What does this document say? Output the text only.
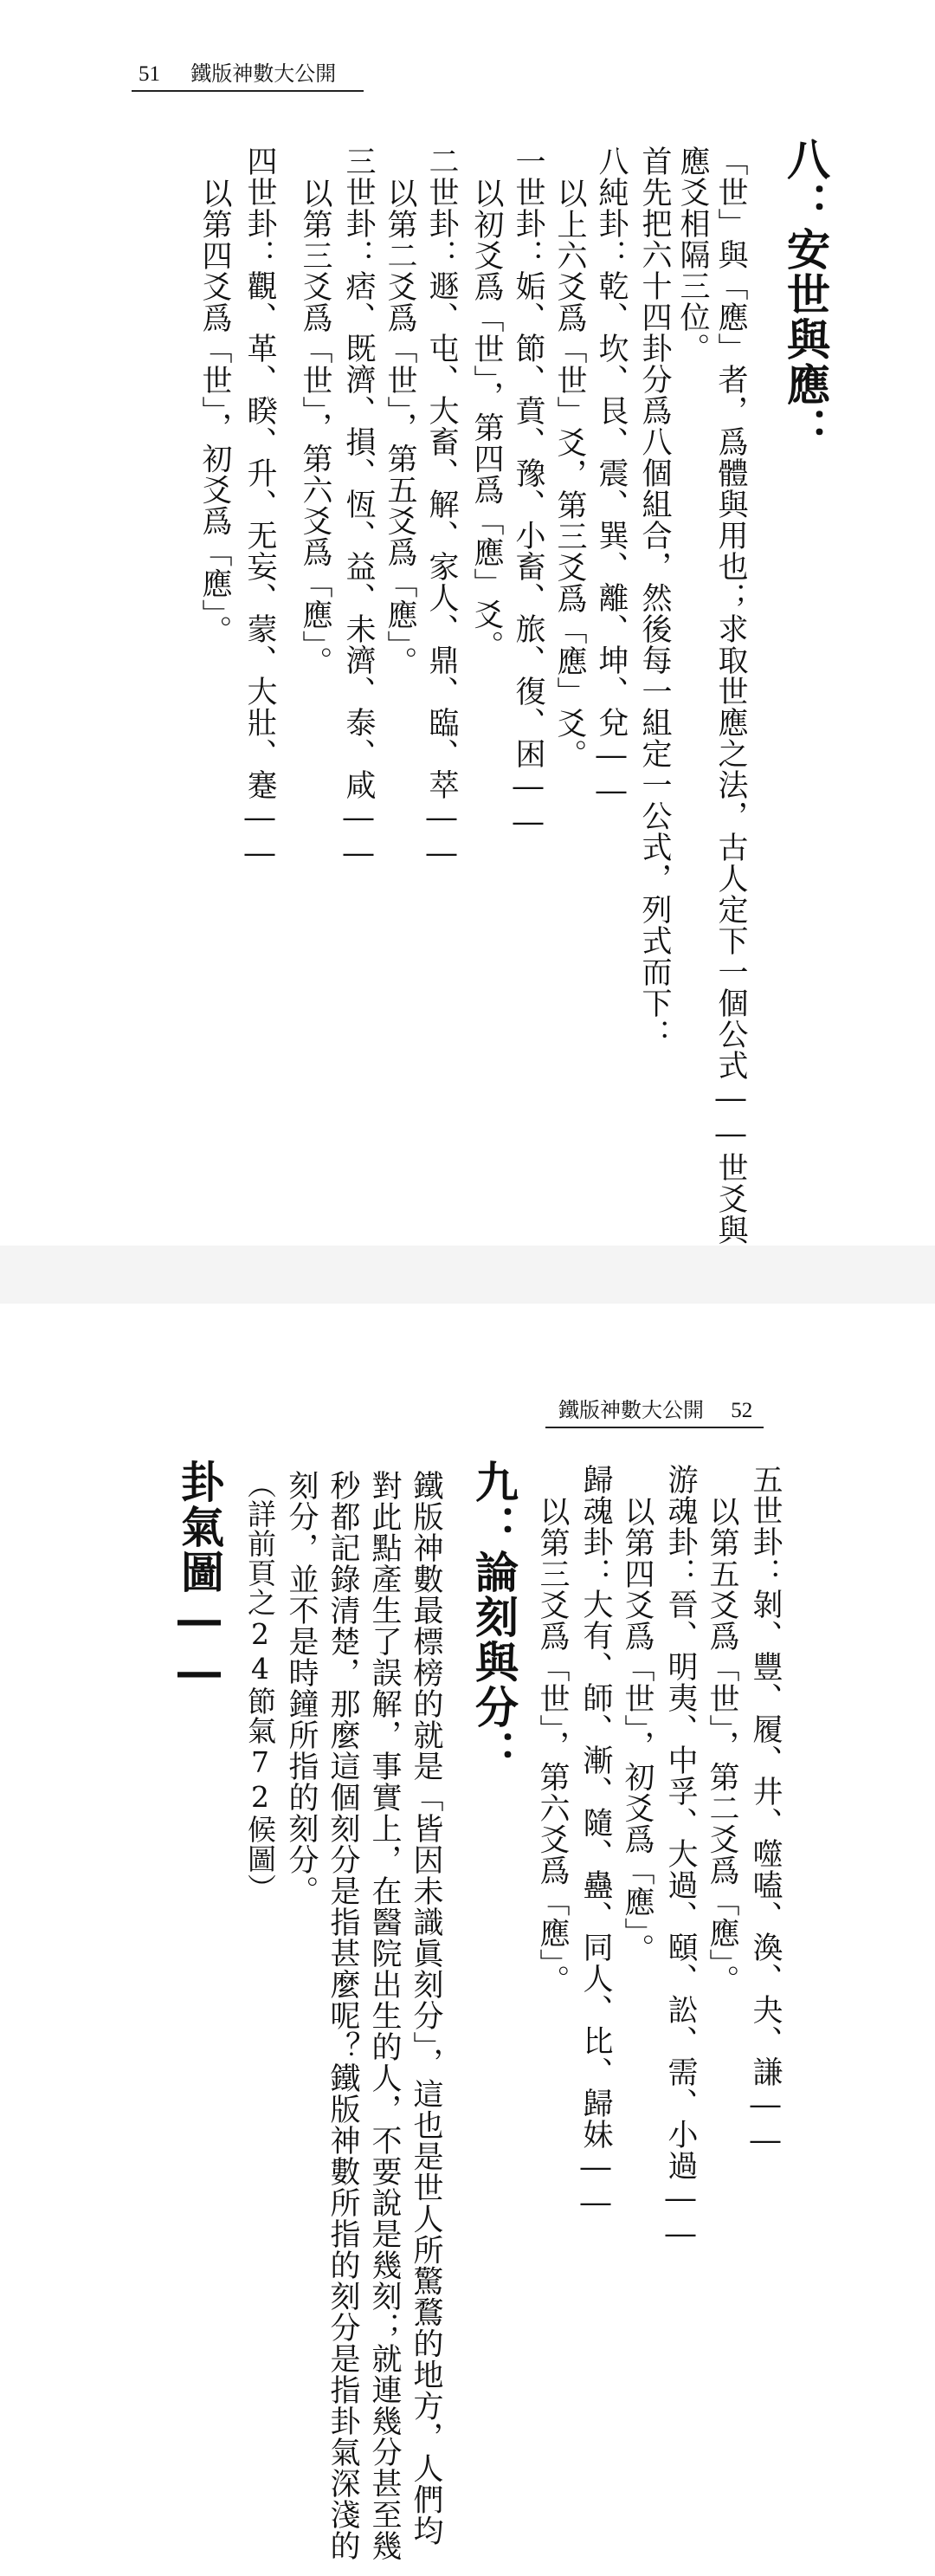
51 鐵版神數大公開
八：安世與應：
「世」與「應」者，爲體與用也；求取世應之法，古人定下一個公式――世爻與
應爻相隔三位。
首先把六十四卦分爲八個組合，然後每一組定一公式，列式而下：
八純卦：乾、坎、艮、震、巽、離、坤、兌――
以上六爻爲「世」爻，第三爻爲「應」爻。
一世卦：姤、節、賁、豫、小畜、旅、復、困――
以初爻爲「世」，第四爲「應」爻。
二世卦：遯、屯、大畜、解、家人、鼎、臨、萃――
以第二爻爲「世」，第五爻爲「應」。
三世卦：痞、既濟、損、恆、益、未濟、泰、咸――
以第三爻爲「世」，第六爻爲「應」。
四世卦：觀、革、睽、升、无妄、蒙、大壯、蹇――
以第四爻爲「世」，初爻爲「應」。
鐵版神數大公開 52
五世卦：剝、豐、履、井、噬嗑、渙、夬、謙――
以第五爻爲「世」，第二爻爲「應」。
游魂卦：晉、明夷、中孚、大過、頤、訟、需、小過――
以第四爻爲「世」，初爻爲「應」。
歸魂卦：大有、師、漸、隨、蠱、同人、比、歸妹――
以第三爻爲「世」，第六爻爲「應」。
九：論刻與分：
鐵版神數最標榜的就是「皆因未識眞刻分」，這也是世人所驚鶩的地方，人們均
對此點產生了誤解，事實上，在醫院出生的人，不要說是幾刻；就連幾分甚至幾
秒都記錄清楚，那麼這個刻分是指甚麼呢？鐵版神數所指的刻分是指卦氣深淺的
刻分，並不是時鐘所指的刻分。
（詳前頁之24節氣72候圖）
卦氣圖――
